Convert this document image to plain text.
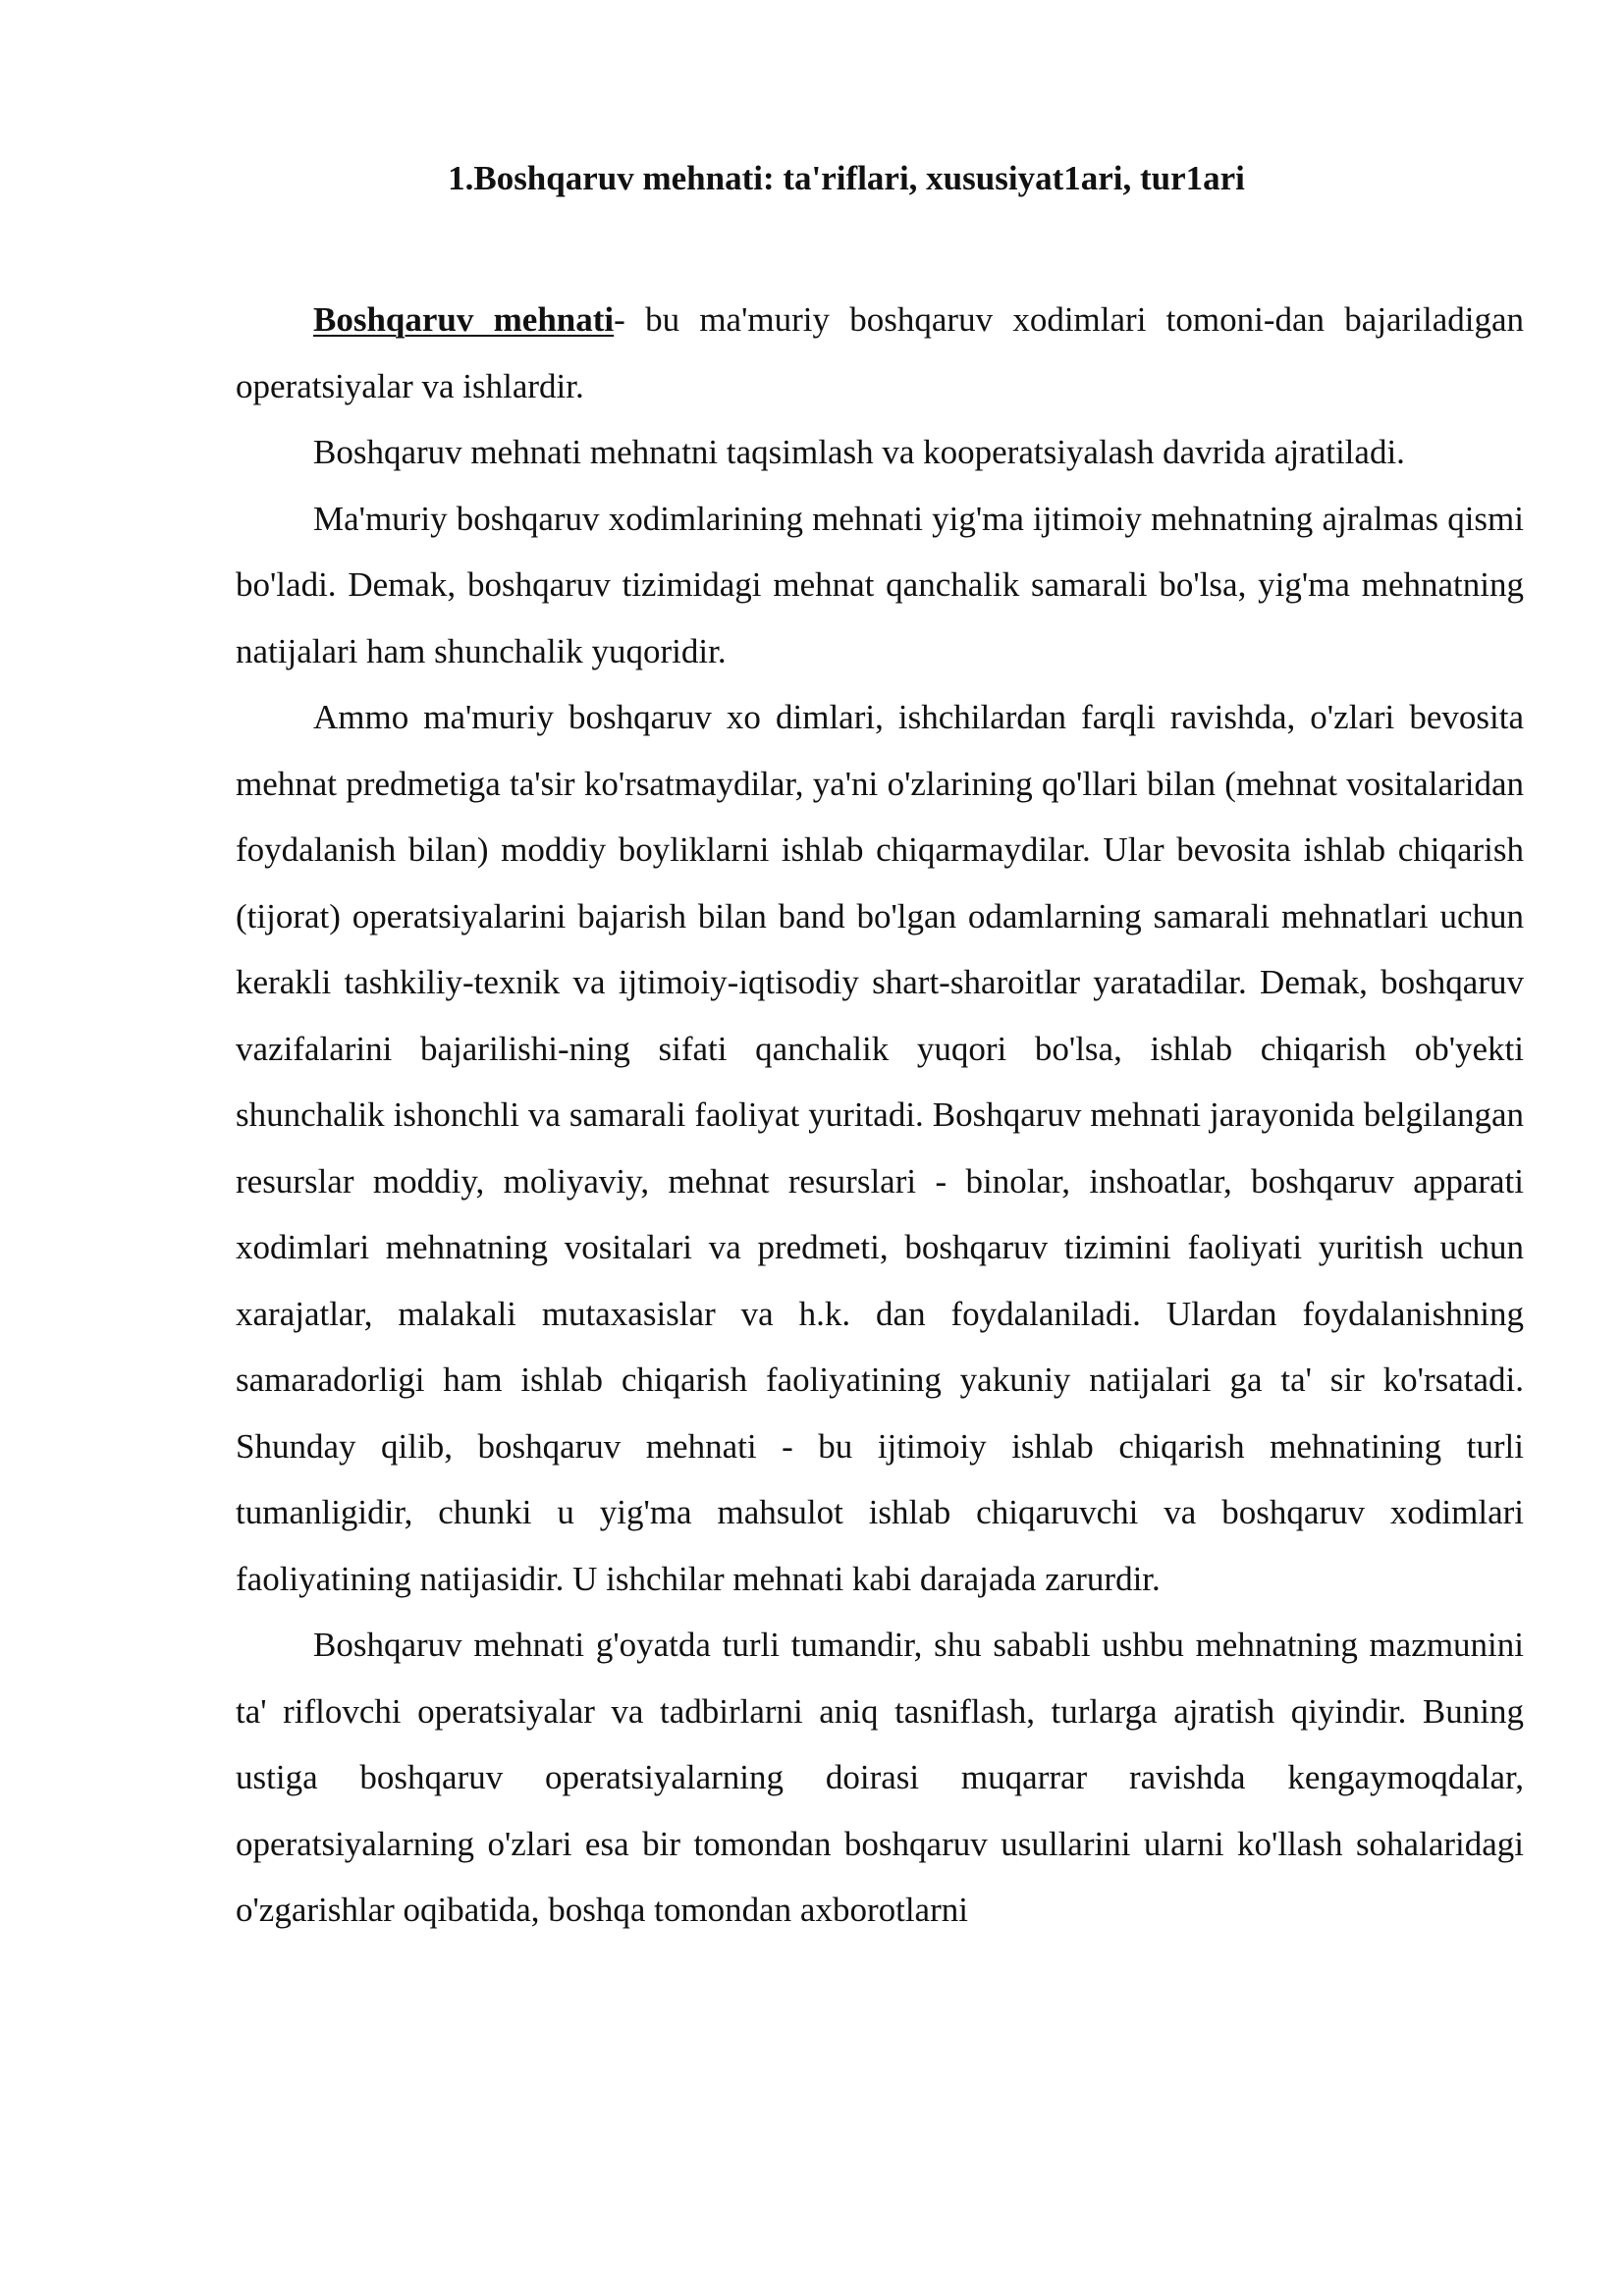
1.Boshqaruv mehnati: ta'riflari, xususiyat1ari, tur1ari

Boshqaruv mehnati- bu ma'muriy boshqaruv xodimlari tomoni-dan bajariladigan operatsiyalar va ishlardir.

Boshqaruv mehnati mehnatni taqsimlash va kooperatsiyalash davrida ajratiladi.

Ma'muriy boshqaruv xodimlarining mehnati yig'ma ijtimoiy mehnatning ajralmas qismi bo'ladi. Demak, boshqaruv tizimidagi mehnat qanchalik samarali bo'lsa, yig'ma mehnatning natijalari ham shunchalik yuqoridir.

Ammo ma'muriy boshqaruv xo dimlari, ishchilardan farqli ravishda, o'zlari bevosita mehnat predmetiga ta'sir ko'rsatmaydilar, ya'ni o'zlarining qo'llari bilan (mehnat vositalaridan foydalanish bilan) moddiy boyliklarni ishlab chiqarmaydilar. Ular bevosita ishlab chiqarish (tijorat) operatsiyalarini bajarish bilan band bo'lgan odamlarning samarali mehnatlari uchun kerakli tashkiliy-texnik va ijtimoiy-iqtisodiy shart-sharoitlar yaratadilar. Demak, boshqaruv vazifalarini bajarilishi-ning sifati qanchalik yuqori bo'lsa, ishlab chiqarish ob'yekti shunchalik ishonchli va samarali faoliyat yuritadi. Boshqaruv mehnati jarayonida belgilangan resurslar moddiy, moliyaviy, mehnat resurslari - binolar, inshoatlar, boshqaruv apparati xodimlari mehnatning vositalari va predmeti, boshqaruv tizimini faoliyati yuritish uchun xarajatlar, malakali mutaxasislar va h.k. dan foydalaniladi. Ulardan foydalanishning samaradorligi ham ishlab chiqarish faoliyatining yakuniy natijalari ga ta' sir ko'rsatadi. Shunday qilib, boshqaruv mehnati - bu ijtimoiy ishlab chiqarish mehnatining turli tumanligidir, chunki u yig'ma mahsulot ishlab chiqaruvchi va boshqaruv xodimlari faoliyatining natijasidir. U ishchilar mehnati kabi darajada zarurdir.

Boshqaruv mehnati g'oyatda turli tumandir, shu sababli ushbu mehnatning mazmunini ta' riflovchi operatsiyalar va tadbirlarni aniq tasniflash, turlarga ajratish qiyindir. Buning ustiga boshqaruv operatsiyalarning doirasi muqarrar ravishda kengaymoqdalar, operatsiyalarning o'zlari esa bir tomondan boshqaruv usullarini ularni ko'llash sohalaridagi o'zgarishlar oqibatida, boshqa tomondan axborotlarni
